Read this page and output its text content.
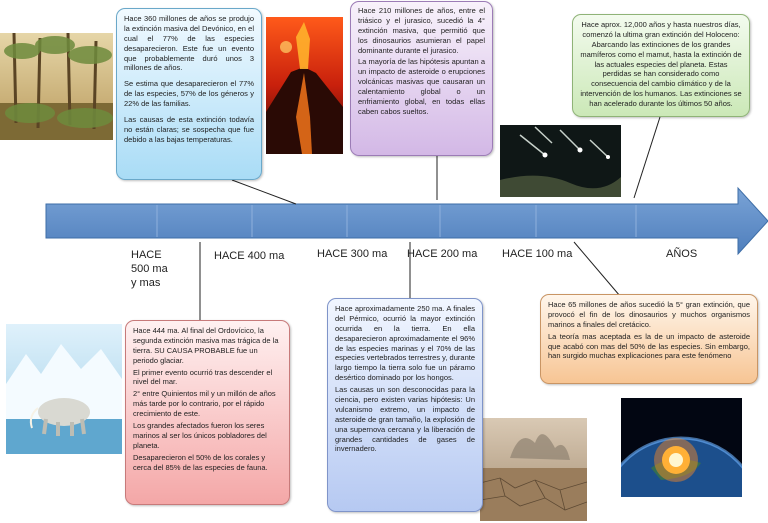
HACE
500 ma
y mas
HACE 400 ma	HACE 300 ma HACE 200 ma HACE 100 ma	AÑOS

Hace 360 millones de años se produjo la extinción masiva del Devónico, en el cual el 77% de las especies desaparecieron. Este fue un evento que probablemente duró unos 3 millones de años.

Se estima que desaparecieron el 77% de las especies, 57% de los géneros y 22% de las familias.

Las causas de esta extinción todavía no están claras; se sospecha que fue debido a las bajas temperaturas.

Hace 210 millones de años, entre el triásico y el jurasico, sucedió la 4° extinción masiva, que permitió que los dinosaurios asumieran el papel dominante durante el jurasico.

La mayoría de las hipótesis apuntan a un impacto de asteroide o erupciones volcánicas masivas que causaran un calentamiento global o un enfriamiento global, en todas ellas caben cabos sueltos.

Hace aprox. 12,000 años y hasta nuestros días, comenzó la ultima gran extinción del Holoceno: Abarcando las extinciones de los grandes mamíferos como el mamut, hasta la extinción de las actuales especies del planeta. Estas perdidas se han considerado como consecuencia del cambio climático y de la intervención de los humanos. Las extinciones se han acelerado durante los últimos 50 años.

Hace 444 ma. Al final del Ordovícico, la segunda extinción masiva mas trágica de la tierra. SU CAUSA PROBABLE fue un periodo glaciar.

El primer evento ocurrió tras descender el nivel del mar.

2° entre Quinientos mil y un millón de años más tarde por lo contrario, por el rápido crecimiento de este.

Los grandes afectados fueron los seres marinos al ser los únicos pobladores del planeta.

Desaparecieron el 50% de los corales y cerca del 85% de las especies de fauna.

Hace aproximadamente 250 ma. A finales del Pérmico, ocurrió la mayor extinción ocurrida en la tierra. En ella desaparecieron aproximadamente el 96% de las especies marinas y el 70% de las especies vertebrados terrestres y, durante largo tiempo la tierra solo fue un páramo desértico dominado por los hongos.

Las causas un son desconocidas para la ciencia, pero existen varias hipótesis: Un vulcanismo extremo, un impacto de asteroide de gran tamaño, la explosión de una supernova cercana y la liberación de grandes cantidades de gases de invernadero.

Hace 65 millones de años sucedió la 5° gran extinción, que provocó el fin de los dinosaurios y muchos organismos marinos a finales del cretácico.

La teoría mas aceptada es la de un impacto de asteroide que acabó con mas del 50% de las especies. Sin embargo, han surgido muchas explicaciones para este fenómeno
